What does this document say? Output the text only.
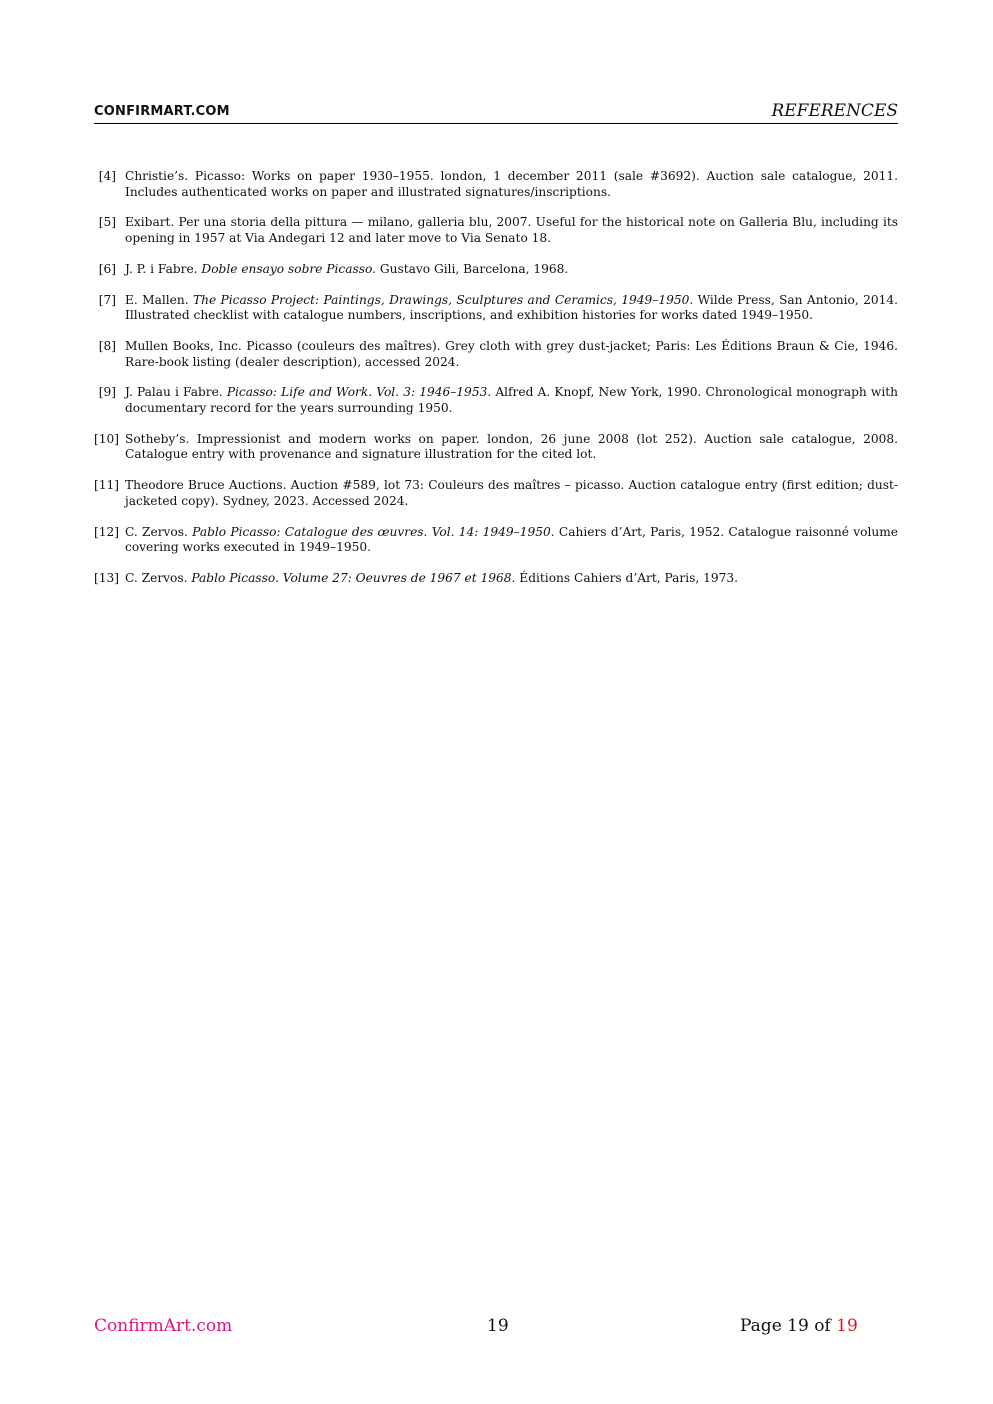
CONFIRMART.COM	REFERENCES
[4] Christie’s. Picasso: Works on paper 1930–1955. london, 1 december 2011 (sale #3692). Auction sale catalogue, 2011. Includes authenticated works on paper and illustrated signatures/inscriptions.
[5] Exibart. Per una storia della pittura — milano, galleria blu, 2007. Useful for the historical note on Galleria Blu, including its opening in 1957 at Via Andegari 12 and later move to Via Senato 18.
[6] J. P. i Fabre. Doble ensayo sobre Picasso. Gustavo Gili, Barcelona, 1968.
[7] E. Mallen. The Picasso Project: Paintings, Drawings, Sculptures and Ceramics, 1949–1950. Wilde Press, San Antonio, 2014. Illustrated checklist with catalogue numbers, inscriptions, and exhibition histories for works dated 1949–1950.
[8] Mullen Books, Inc. Picasso (couleurs des maîtres). Grey cloth with grey dust-jacket; Paris: Les Éditions Braun & Cie, 1946. Rare-book listing (dealer description), accessed 2024.
[9] J. Palau i Fabre. Picasso: Life and Work. Vol. 3: 1946–1953. Alfred A. Knopf, New York, 1990. Chronological monograph with documentary record for the years surrounding 1950.
[10] Sotheby’s. Impressionist and modern works on paper. london, 26 june 2008 (lot 252). Auction sale catalogue, 2008. Catalogue entry with provenance and signature illustration for the cited lot.
[11] Theodore Bruce Auctions. Auction #589, lot 73: Couleurs des maîtres – picasso. Auction catalogue entry (first edition; dust-jacketed copy). Sydney, 2023. Accessed 2024.
[12] C. Zervos. Pablo Picasso: Catalogue des œuvres. Vol. 14: 1949–1950. Cahiers d’Art, Paris, 1952. Catalogue raisonné volume covering works executed in 1949–1950.
[13] C. Zervos. Pablo Picasso. Volume 27: Oeuvres de 1967 et 1968. Éditions Cahiers d’Art, Paris, 1973.
ConfirmArt.com	19	Page 19 of 19
